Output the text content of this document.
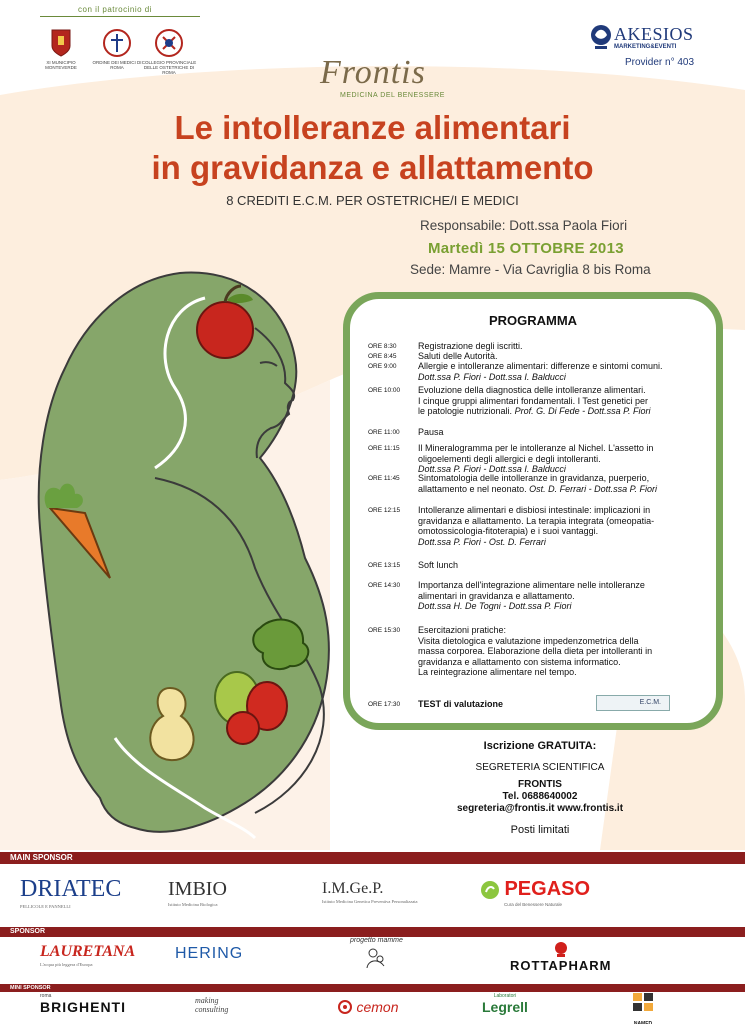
con il patrocinio di
XI MUNICIPIO MONTEVERDE
ORDINE DEI MEDICI DI ROMA
COLLEGIO PROVINCIALE DELLE OSTETRICHE DI ROMA
AKESIOS
MARKETING&EVENTI
Provider n° 403
Frontis
MEDICINA DEL BENESSERE
Le intolleranze alimentari
in gravidanza e allattamento
8 CREDITI E.C.M. PER OSTETRICHE/I E MEDICI
Responsabile: Dott.ssa Paola Fiori
Martedì 15 OTTOBRE 2013
Sede: Mamre - Via Cavriglia 8 bis Roma
PROGRAMMA
ORE 8:30	Registrazione degli iscritti.
ORE 8:45	Saluti delle Autorità.
ORE 9:00	Allergie e intolleranze alimentari: differenze e sintomi comuni.
Dott.ssa P. Fiori - Dott.ssa I. Balducci
ORE 10:00	Evoluzione della diagnostica delle intolleranze alimentari.
I cinque gruppi alimentari fondamentali. I Test genetici per
le patologie nutrizionali. Prof. G. Di Fede - Dott.ssa P. Fiori
ORE 11:00	Pausa
ORE 11:15	Il Mineralogramma per le intolleranze al Nichel. L'assetto in
oligoelementi degli allergici e degli intolleranti.
Dott.ssa P. Fiori - Dott.ssa I. Balducci
ORE 11:45	Sintomatologia delle intolleranze in gravidanza, puerperio,
allattamento e nel neonato. Ost. D. Ferrari - Dott.ssa P. Fiori
ORE 12:15	Intolleranze alimentari e disbiosi intestinale: implicazioni in
gravidanza e allattamento. La terapia integrata (omeopatia-
omotossicologia-fitoterapia) e i suoi vantaggi.
Dott.ssa P. Fiori - Ost. D. Ferrari
ORE 13:15	Soft lunch
ORE 14:30	Importanza dell'integrazione alimentare nelle intolleranze
alimentari in gravidanza e allattamento.
Dott.ssa H. De Togni - Dott.ssa P. Fiori
ORE 15:30	Esercitazioni pratiche:
Visita dietologica e valutazione impedenzometrica della
massa corporea. Elaborazione della dieta per intolleranti in
gravidanza e allattamento con sistema informatico.
La reintegrazione alimentare nel tempo.
ORE 17:30	TEST di valutazione	E.C.M.
Iscrizione GRATUITA:
SEGRETERIA SCIENTIFICA
FRONTIS
Tel. 0688640002
segreteria@frontis.it www.frontis.it
Posti limitati
MAIN SPONSOR
DRIATEC
PELLICOLE E PANNELLI
IMBIO
Istituto Medicina Biologica
I.M.Ge.P.
Istituto Medicina Genetica Preventiva Personalizzata
PEGASO
Cura del Benessere Naturale
SPONSOR
LAURETANA
L'acqua più leggera d'Europa
HERING
progetto mamme
ROTTAPHARM
MINI SPONSOR
roma
BRIGHENTI	making consulting	cemon
Laboratori
Legrell
NAMED
